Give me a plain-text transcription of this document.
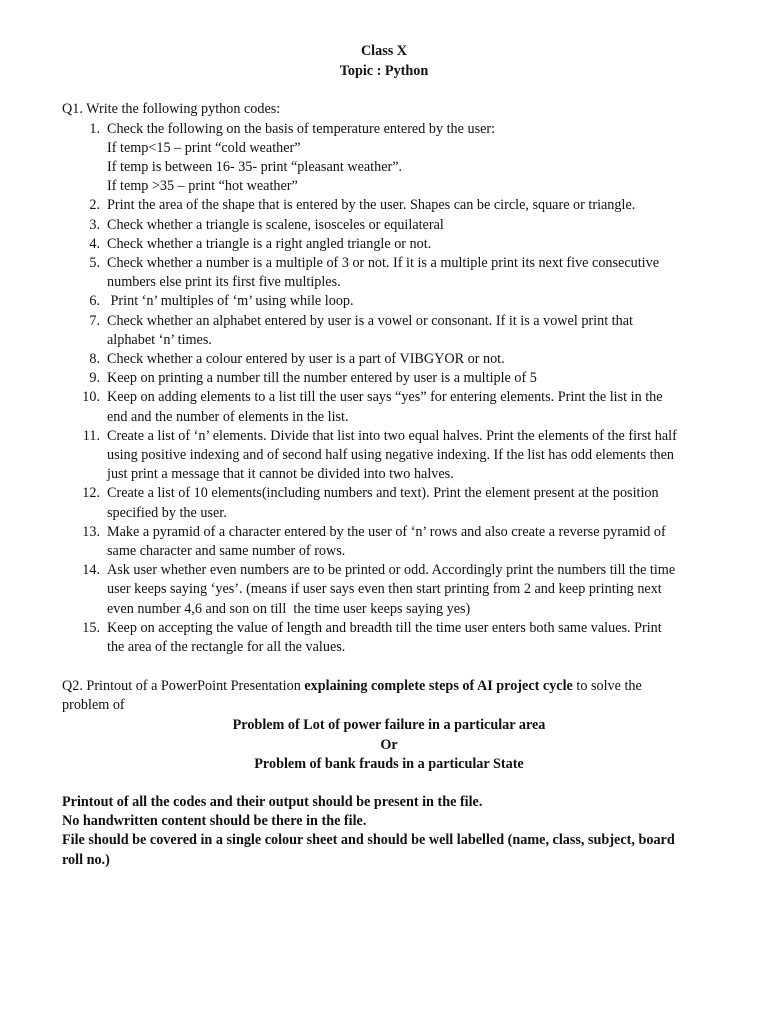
Class X
Topic : Python
Q1. Write the following python codes:
1. Check the following on the basis of temperature entered by the user:
If temp<15 – print “cold weather”
If temp is between 16- 35- print “pleasant weather”.
If temp >35 – print “hot weather”
2. Print the area of the shape that is entered by the user. Shapes can be circle, square or triangle.
3. Check whether a triangle is scalene, isosceles or equilateral
4. Check whether a triangle is a right angled triangle or not.
5. Check whether a number is a multiple of 3 or not. If it is a multiple print its next five consecutive
numbers else print its first five multiples.
6. Print ‘n’ multiples of ‘m’ using while loop.
7. Check whether an alphabet entered by user is a vowel or consonant. If it is a vowel print that
alphabet ‘n’ times.
8. Check whether a colour entered by user is a part of VIBGYOR or not.
9. Keep on printing a number till the number entered by user is a multiple of 5
10. Keep on adding elements to a list till the user says “yes” for entering elements. Print the list in the
end and the number of elements in the list.
11. Create a list of ‘n’ elements. Divide that list into two equal halves. Print the elements of the first half
using positive indexing and of second half using negative indexing. If the list has odd elements then
just print a message that it cannot be divided into two halves.
12. Create a list of 10 elements(including numbers and text). Print the element present at the position
specified by the user.
13. Make a pyramid of a character entered by the user of ‘n’ rows and also create a reverse pyramid of
same character and same number of rows.
14. Ask user whether even numbers are to be printed or odd. Accordingly print the numbers till the time
user keeps saying ‘yes’. (means if user says even then start printing from 2 and keep printing next
even number 4,6 and son on till  the time user keeps saying yes)
15. Keep on accepting the value of length and breadth till the time user enters both same values. Print
the area of the rectangle for all the values.
Q2. Printout of a PowerPoint Presentation explaining complete steps of AI project cycle to solve the
problem of
Problem of Lot of power failure in a particular area
Or
Problem of bank frauds in a particular State
Printout of all the codes and their output should be present in the file.
No handwritten content should be there in the file.
File should be covered in a single colour sheet and should be well labelled (name, class, subject, board
roll no.)
